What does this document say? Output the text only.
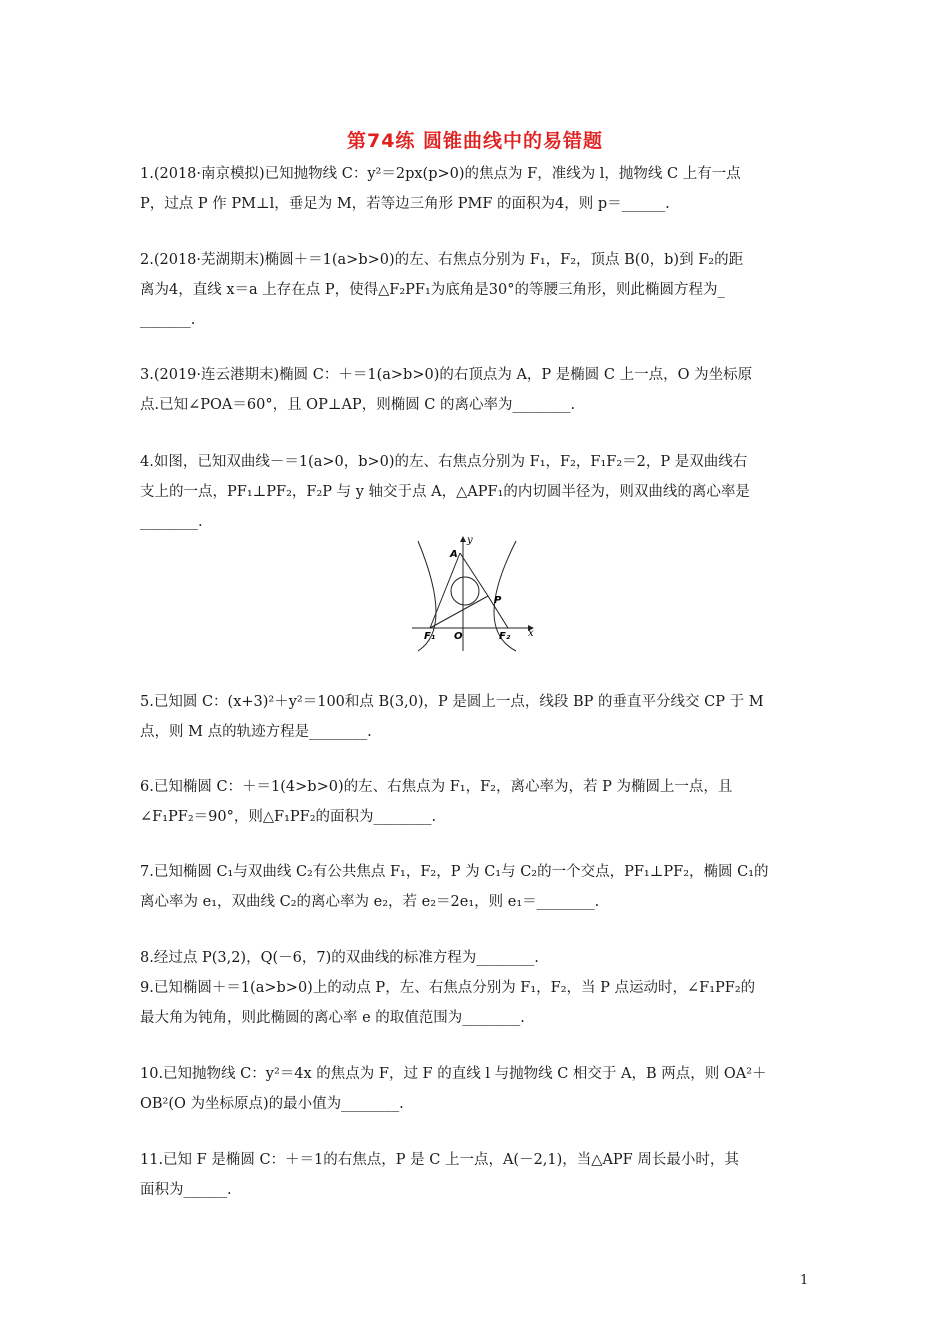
第74练 圆锥曲线中的易错题

1.(2018·南京模拟)已知抛物线 C：y²＝2px(p>0)的焦点为 F，准线为 l，抛物线 C 上有一点

P，过点 P 作 PM⊥l，垂足为 M，若等边三角形 PMF 的面积为4，则 p＝______.

2.(2018·芜湖期末)椭圆＋＝1(a>b>0)的左、右焦点分别为 F₁，F₂，顶点 B(0，b)到 F₂的距

离为4，直线 x＝a 上存在点 P，使得△F₂PF₁为底角是30°的等腰三角形，则此椭圆方程为_

_______.

3.(2019·连云港期末)椭圆 C：＋＝1(a>b>0)的右顶点为 A，P 是椭圆 C 上一点，O 为坐标原

点.已知∠POA＝60°，且 OP⊥AP，则椭圆 C 的离心率为________.

4.如图，已知双曲线－＝1(a>0，b>0)的左、右焦点分别为 F₁，F₂，F₁F₂＝2，P 是双曲线右

支上的一点，PF₁⊥PF₂，F₂P 与 y 轴交于点 A，△APF₁的内切圆半径为，则双曲线的离心率是

________.

y
x
A
P
O
F₁	F₂

5.已知圆 C：(x+3)²＋y²＝100和点 B(3,0)，P 是圆上一点，线段 BP 的垂直平分线交 CP 于 M

点，则 M 点的轨迹方程是________.

6.已知椭圆 C：＋＝1(4>b>0)的左、右焦点为 F₁，F₂，离心率为，若 P 为椭圆上一点，且

∠F₁PF₂＝90°，则△F₁PF₂的面积为________.

7.已知椭圆 C₁与双曲线 C₂有公共焦点 F₁，F₂，P 为 C₁与 C₂的一个交点，PF₁⊥PF₂，椭圆 C₁的

离心率为 e₁，双曲线 C₂的离心率为 e₂，若 e₂＝2e₁，则 e₁＝________.

8.经过点 P(3,2)，Q(－6，7)的双曲线的标准方程为________.

9.已知椭圆＋＝1(a>b>0)上的动点 P，左、右焦点分别为 F₁，F₂，当 P 点运动时，∠F₁PF₂的

最大角为钝角，则此椭圆的离心率 e 的取值范围为________.

10.已知抛物线 C：y²＝4x 的焦点为 F，过 F 的直线 l 与抛物线 C 相交于 A，B 两点，则 OA²＋

OB²(O 为坐标原点)的最小值为________.

11.已知 F 是椭圆 C：＋＝1的右焦点，P 是 C 上一点，A(－2,1)，当△APF 周长最小时，其

面积为______.

1
